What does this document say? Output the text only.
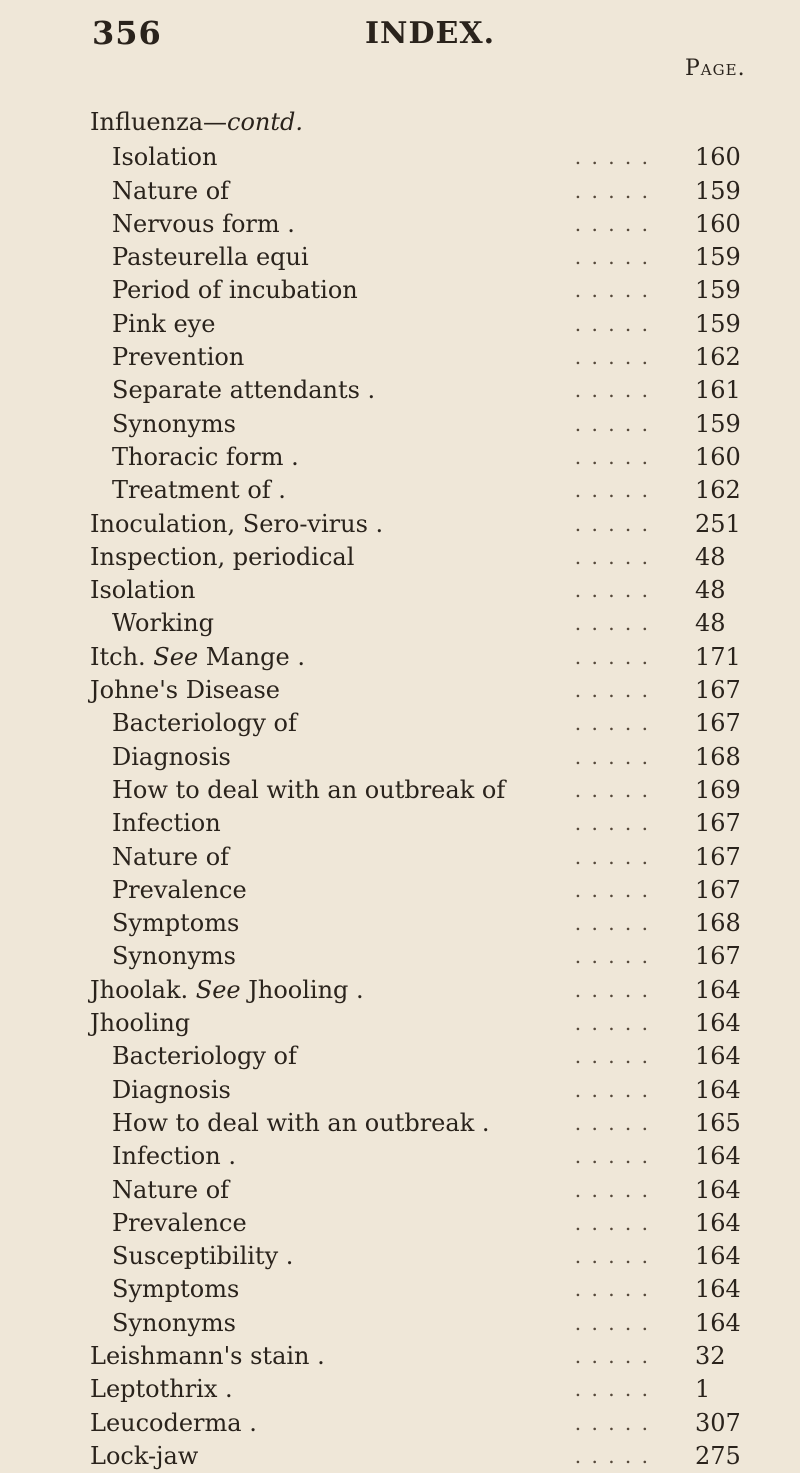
356	INDEX.
Page.
Influenza—contd.
Isolation	. . . . . 160
Nature of	. . . . . 159
Nervous form .	. . . . . 160
Pasteurella equi	. . . . . 159
Period of incubation	. . . . . 159
Pink eye	. . . . . 159
Prevention	. . . . . 162
Separate attendants .	. . . . . 161
Synonyms	. . . . . 159
Thoracic form .	. . . . . 160
Treatment of .	. . . . . 162
Inoculation, Sero-virus .	. . . . . 251
Inspection, periodical	. . . . . 48
Isolation	. . . . . 48
Working	. . . . . 48
Itch. See Mange .	. . . . . 171
Johne's Disease	. . . . . 167
Bacteriology of	. . . . . 167
Diagnosis	. . . . . 168
How to deal with an outbreak of	. . . . . 169
Infection	. . . . . 167
Nature of	. . . . . 167
Prevalence	. . . . . 167
Symptoms	. . . . . 168
Synonyms	. . . . . 167
Jhoolak. See Jhooling .	. . . . . 164
Jhooling	. . . . . 164
Bacteriology of	. . . . . 164
Diagnosis	. . . . . 164
How to deal with an outbreak .	. . . . . 165
Infection .	. . . . . 164
Nature of	. . . . . 164
Prevalence	. . . . . 164
Susceptibility .	. . . . . 164
Symptoms	. . . . . 164
Synonyms	. . . . . 164
Leishmann's stain .	. . . . . 32
Leptothrix .	. . . . . 1
Leucoderma .	. . . . . 307
Lock-jaw	. . . . . 275
